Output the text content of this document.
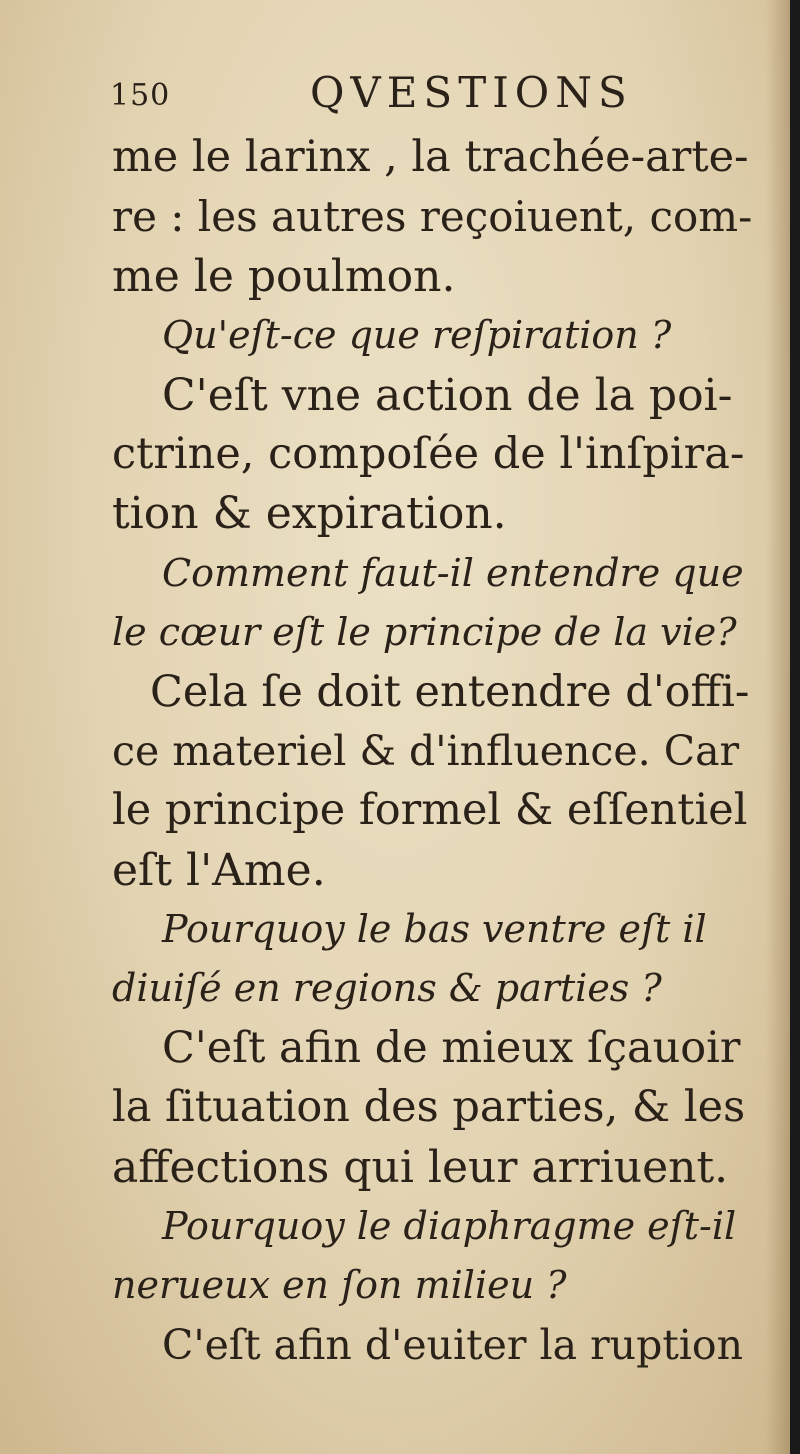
150	QVESTIONS
me le larinx , la trachée-arte-
re : les autres reçoiuent, com-
me le poulmon.
Qu'eſt-ce que reſpiration ?
C'eſt vne action de la poi-
ctrine, compoſée de l'inſpira-
tion & expiration.
Comment faut-il entendre que
le cœur eſt le principe de la vie?
Cela ſe doit entendre d'offi-
ce materiel & d'influence. Car
le principe formel & eſſentiel
eſt l'Ame.
Pourquoy le bas ventre eſt il
diuiſé en regions & parties ?
C'eſt afin de mieux ſçauoir
la ſituation des parties, & les
affections qui leur arriuent.
Pourquoy le diaphragme eſt-il
nerueux en ſon milieu ?
C'eſt afin d'euiter la ruption
